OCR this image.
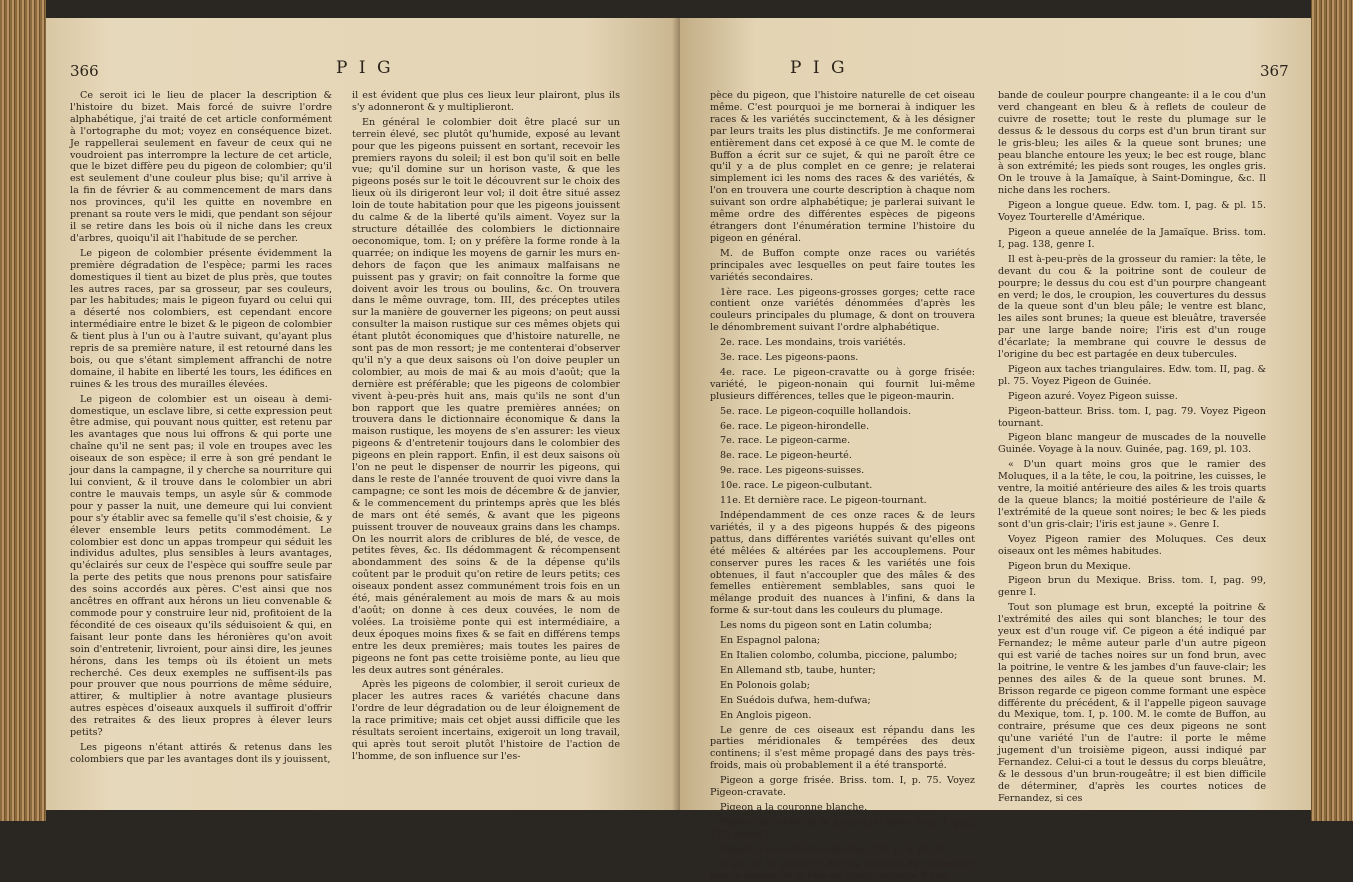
366	P I G

Ce seroit ici le lieu de placer la description & l'histoire du bizet. Mais forcé de suivre l'ordre alphabétique, j'ai traité de cet article conformément à l'ortographe du mot; voyez en conséquence bizet. Je rappellerai seulement en faveur de ceux qui ne voudroient pas interrompre la lecture de cet article, que le bizet diffère peu du pigeon de colombier; qu'il est seulement d'une couleur plus bise; qu'il arrive à la fin de février & au commencement de mars dans nos provinces, qu'il les quitte en novembre en prenant sa route vers le midi, que pendant son séjour il se retire dans les bois où il niche dans les creux d'arbres, quoiqu'il ait l'habitude de se percher.

Le pigeon de colombier présente évidemment la première dégradation de l'espèce; parmi les races domestiques il tient au bizet de plus près, que toutes les autres races, par sa grosseur, par ses couleurs, par les habitudes; mais le pigeon fuyard ou celui qui a déserté nos colombiers, est cependant encore intermédiaire entre le bizet & le pigeon de colombier & tient plus à l'un ou à l'autre suivant, qu'ayant plus repris de sa première nature, il est retourné dans les bois, ou que s'étant simplement affranchi de notre domaine, il habite en liberté les tours, les édifices en ruines & les trous des murailles élevées.

Le pigeon de colombier est un oiseau à demi-domestique, un esclave libre, si cette expression peut être admise, qui pouvant nous quitter, est retenu par les avantages que nous lui offrons & qui porte une chaîne qu'il ne sent pas; il vole en troupes avec les oiseaux de son espèce; il erre à son gré pendant le jour dans la campagne, il y cherche sa nourriture qui lui convient, & il trouve dans le colombier un abri contre le mauvais temps, un asyle sûr & commode pour y passer la nuit, une demeure qui lui convient pour s'y établir avec sa femelle qu'il s'est choisie, & y élever ensemble leurs petits commodément. Le colombier est donc un appas trompeur qui séduit les individus adultes, plus sensibles à leurs avantages, qu'éclairés sur ceux de l'espèce qui souffre seule par la perte des petits que nous prenons pour satisfaire des soins accordés aux pères. C'est ainsi que nos ancêtres en offrant aux hérons un lieu convenable & commode pour y construire leur nid, profitoient de la fécondité de ces oiseaux qu'ils séduisoient & qui, en faisant leur ponte dans les héronières qu'on avoit soin d'entretenir, livroient, pour ainsi dire, les jeunes hérons, dans les temps où ils étoient un mets recherché. Ces deux exemples ne suffisent-ils pas pour prouver que nous pourrions de même séduire, attirer, & multiplier à notre avantage plusieurs autres espèces d'oiseaux auxquels il suffiroit d'offrir des retraites & des lieux propres à élever leurs petits?

Les pigeons n'étant attirés & retenus dans les colombiers que par les avantages dont ils y jouissent,

il est évident que plus ces lieux leur plairont, plus ils s'y adonneront & y multiplieront.

En général le colombier doit être placé sur un terrein élevé, sec plutôt qu'humide, exposé au levant pour que les pigeons puissent en sortant, recevoir les premiers rayons du soleil; il est bon qu'il soit en belle vue; qu'il domine sur un horison vaste, & que les pigeons posés sur le toit le découvrent sur le choix des lieux où ils dirigeront leur vol; il doit être situé assez loin de toute habitation pour que les pigeons jouissent du calme & de la liberté qu'ils aiment. Voyez sur la structure détaillée des colombiers le dictionnaire oeconomique, tom. I; on y préfère la forme ronde à la quarrée; on indique les moyens de garnir les murs en-dehors de façon que les animaux malfaisans ne puissent pas y gravir; on fait connoître la forme que doivent avoir les trous ou boulins, &c. On trouvera dans le même ouvrage, tom. III, des préceptes utiles sur la manière de gouverner les pigeons; on peut aussi consulter la maison rustique sur ces mêmes objets qui étant plutôt économiques que d'histoire naturelle, ne sont pas de mon ressort; je me contenterai d'observer qu'il n'y a que deux saisons où l'on doive peupler un colombier, au mois de mai & au mois d'août; que la dernière est préférable; que les pigeons de colombier vivent à-peu-près huit ans, mais qu'ils ne sont d'un bon rapport que les quatre premières années; on trouvera dans le dictionnaire économique & dans la maison rustique, les moyens de s'en assurer: les vieux pigeons & d'entretenir toujours dans le colombier des pigeons en plein rapport. Enfin, il est deux saisons où l'on ne peut le dispenser de nourrir les pigeons, qui dans le reste de l'année trouvent de quoi vivre dans la campagne; ce sont les mois de décembre & de janvier, & le commencement du printemps après que les blés de mars ont été semés, & avant que les pigeons puissent trouver de nouveaux grains dans les champs. On les nourrit alors de criblures de blé, de vesce, de petites fèves, &c. Ils dédommagent & récompensent abondamment des soins & de la dépense qu'ils coûtent par le produit qu'on retire de leurs petits; ces oiseaux pondent assez communément trois fois en un été, mais généralement au mois de mars & au mois d'août; on donne à ces deux couvées, le nom de volées. La troisième ponte qui est intermédiaire, a deux époques moins fixes & se fait en différens temps entre les deux premières; mais toutes les paires de pigeons ne font pas cette troisième ponte, au lieu que les deux autres sont générales.

Après les pigeons de colombier, il seroit curieux de placer les autres races & variétés chacune dans l'ordre de leur dégradation ou de leur éloignement de la race primitive; mais cet objet aussi difficile que les résultats seroient incertains, exigeroit un long travail, qui après tout seroit plutôt l'histoire de l'action de l'homme, de son influence sur l'es-

P I G	367

pèce du pigeon, que l'histoire naturelle de cet oiseau même. C'est pourquoi je me bornerai à indiquer les races & les variétés succinctement, & à les désigner par leurs traits les plus distinctifs. Je me conformerai entièrement dans cet exposé à ce que M. le comte de Buffon a écrit sur ce sujet, & qui ne paroît être ce qu'il y a de plus complet en ce genre; je relaterai simplement ici les noms des races & des variétés, & l'on en trouvera une courte description à chaque nom suivant son ordre alphabétique; je parlerai suivant le même ordre des différentes espèces de pigeons étrangers dont l'énumération termine l'histoire du pigeon en général.

M. de Buffon compte onze races ou variétés principales avec lesquelles on peut faire toutes les variétés secondaires.

1ère race. Les pigeons-grosses gorges; cette race contient onze variétés dénommées d'après les couleurs principales du plumage, & dont on trouvera le dénombrement suivant l'ordre alphabétique.

2e. race. Les mondains, trois variétés.

3e. race. Les pigeons-paons.

4e. race. Le pigeon-cravatte ou à gorge frisée: variété, le pigeon-nonain qui fournit lui-même plusieurs différences, telles que le pigeon-maurin.

5e. race. Le pigeon-coquille hollandois.

6e. race. Le pigeon-hirondelle.

7e. race. Le pigeon-carme.

8e. race. Le pigeon-heurté.

9e. race. Les pigeons-suisses.

10e. race. Le pigeon-culbutant.

11e. Et dernière race. Le pigeon-tournant.

Indépendamment de ces onze races & de leurs variétés, il y a des pigeons huppés & des pigeons pattus, dans différentes variétés suivant qu'elles ont été mêlées & altérées par les accouplemens. Pour conserver pures les races & les variétés une fois obtenues, il faut n'accoupler que des mâles & des femelles entièrement semblables, sans quoi le mélange produit des nuances à l'infini, & dans la forme & sur-tout dans les couleurs du plumage.

Les noms du pigeon sont en Latin columba;

En Espagnol palona;

En Italien colombo, columba, piccione, palumbo;

En Allemand stb, taube, hunter;

En Polonois golab;

En Suédois dufwa, hem-dufwa;

En Anglois pigeon.

Le genre de ces oiseaux est répandu dans les parties méridionales & tempérées des deux continens; il s'est même propagé dans des pays très-froids, mais où probablement il a été transporté.

Pigeon a gorge frisée. Briss. tom. I, p. 75. Voyez Pigeon-cravate.

Pigeon a la couronne blanche.

Pigeon de roche de la Jamaïque. Briss. tom. I, pag. 137, genre I.

Pigeon à la couronne blanche. Cat. p. & pl. 25.

Il est de la grosseur de nos pigeons de colombier; tout le dessus de la tête est blanc, entouré d'une

bande de couleur pourpre changeante: il a le cou d'un verd changeant en bleu & à reflets de couleur de cuivre de rosette; tout le reste du plumage sur le dessus & le dessous du corps est d'un brun tirant sur le gris-bleu; les ailes & la queue sont brunes; une peau blanche entoure les yeux; le bec est rouge, blanc à son extrémité; les pieds sont rouges, les ongles gris. On le trouve à la Jamaïque, à Saint-Domingue, &c. Il niche dans les rochers.

Pigeon a longue queue. Edw. tom. I, pag. & pl. 15. Voyez Tourterelle d'Amérique.

Pigeon a queue annelée de la Jamaïque. Briss. tom. I, pag. 138, genre I.

Il est à-peu-près de la grosseur du ramier: la tête, le devant du cou & la poitrine sont de couleur de pourpre; le dessus du cou est d'un pourpre changeant en verd; le dos, le croupion, les couvertures du dessus de la queue sont d'un bleu pâle; le ventre est blanc, les ailes sont brunes; la queue est bleuâtre, traversée par une large bande noire; l'iris est d'un rouge d'écarlate; la membrane qui couvre le dessus de l'origine du bec est partagée en deux tubercules.

Pigeon aux taches triangulaires. Edw. tom. II, pag. & pl. 75. Voyez Pigeon de Guinée.

Pigeon azuré. Voyez Pigeon suisse.

Pigeon-batteur. Briss. tom. I, pag. 79. Voyez Pigeon tournant.

Pigeon blanc mangeur de muscades de la nouvelle Guinée. Voyage à la nouv. Guinée, pag. 169, pl. 103.

« D'un quart moins gros que le ramier des Moluques, il a la tête, le cou, la poitrine, les cuisses, le ventre, la moitié antérieure des ailes & les trois quarts de la queue blancs; la moitié postérieure de l'aile & l'extrémité de la queue sont noires; le bec & les pieds sont d'un gris-clair; l'iris est jaune ». Genre I.

Voyez Pigeon ramier des Moluques. Ces deux oiseaux ont les mêmes habitudes.

Pigeon brun du Mexique.

Pigeon brun du Mexique. Briss. tom. I, pag. 99, genre I.

Tout son plumage est brun, excepté la poitrine & l'extrémité des ailes qui sont blanches; le tour des yeux est d'un rouge vif. Ce pigeon a été indiqué par Fernandez; le même auteur parle d'un autre pigeon qui est varié de taches noires sur un fond brun, avec la poitrine, le ventre & les jambes d'un fauve-clair; les pennes des ailes & de la queue sont brunes. M. Brisson regarde ce pigeon comme formant une espèce différente du précédent, & il l'appelle pigeon sauvage du Mexique, tom. I, p. 100. M. le comte de Buffon, au contraire, présume que ces deux pigeons ne sont qu'une variété l'un de l'autre: il porte le même jugement d'un troisième pigeon, aussi indiqué par Fernandez. Celui-ci a tout le dessus du corps bleuâtre, & le dessous d'un brun-rougeâtre; il est bien difficile de déterminer, d'après les courtes notices de Fernandez, si ces
